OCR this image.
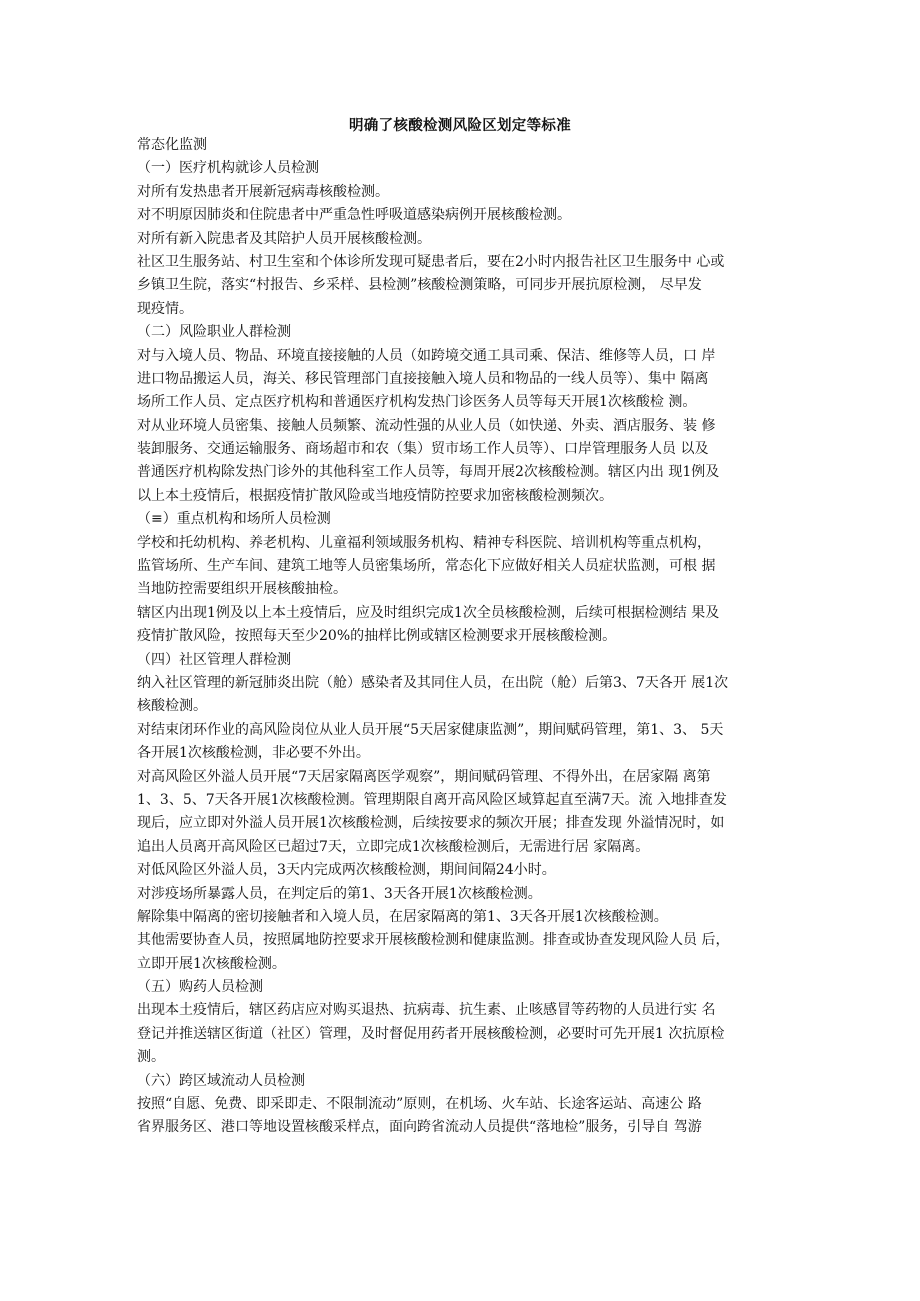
明确了核酸检测风险区划定等标准
常态化监测
（一）医疗机构就诊人员检测
对所有发热患者开展新冠病毒核酸检测。
对不明原因肺炎和住院患者中严重急性呼吸道感染病例开展核酸检测。
对所有新入院患者及其陪护人员开展核酸检测。
社区卫生服务站、村卫生室和个体诊所发现可疑患者后，要在2小时内报告社区卫生服务中 心或
乡镇卫生院，落实“村报告、乡采样、县检测”核酸检测策略，可同步开展抗原检测， 尽早发
现疫情。
（二）风险职业人群检测
对与入境人员、物品、环境直接接触的人员（如跨境交通工具司乘、保洁、维修等人员，口 岸
进口物品搬运人员，海关、移民管理部门直接接触入境人员和物品的一线人员等）、集中 隔离
场所工作人员、定点医疗机构和普通医疗机构发热门诊医务人员等每天开展1次核酸检 测。
对从业环境人员密集、接触人员频繁、流动性强的从业人员（如快递、外卖、酒店服务、装 修
装卸服务、交通运输服务、商场超市和农（集）贸市场工作人员等）、口岸管理服务人员 以及
普通医疗机构除发热门诊外的其他科室工作人员等，每周开展2次核酸检测。辖区内出 现1例及
以上本土疫情后，根据疫情扩散风险或当地疫情防控要求加密核酸检测频次。
（≡）重点机构和场所人员检测
学校和托幼机构、养老机构、儿童福利领域服务机构、精神专科医院、培训机构等重点机构，
监管场所、生产车间、建筑工地等人员密集场所，常态化下应做好相关人员症状监测，可根 据
当地防控需要组织开展核酸抽检。
辖区内出现1例及以上本土疫情后，应及时组织完成1次全员核酸检测，后续可根据检测结 果及
疫情扩散风险，按照每天至少20%的抽样比例或辖区检测要求开展核酸检测。
（四）社区管理人群检测
纳入社区管理的新冠肺炎出院（舱）感染者及其同住人员，在出院（舱）后第3、7天各开 展1次
核酸检测。
对结束闭环作业的高风险岗位从业人员开展“5天居家健康监测”，期间赋码管理，第1、3、 5天
各开展1次核酸检测，非必要不外出。
对高风险区外溢人员开展“7天居家隔离医学观察”，期间赋码管理、不得外出，在居家隔 离第
1、3、5、7天各开展1次核酸检测。管理期限自离开高风险区域算起直至满7天。流 入地排查发
现后，应立即对外溢人员开展1次核酸检测，后续按要求的频次开展；排查发现 外溢情况时，如
追出人员离开高风险区已超过7天，立即完成1次核酸检测后，无需进行居 家隔离。
对低风险区外溢人员，3天内完成两次核酸检测，期间间隔24小时。
对涉疫场所暴露人员，在判定后的第1、3天各开展1次核酸检测。
解除集中隔离的密切接触者和入境人员，在居家隔离的第1、3天各开展1次核酸检测。
其他需要协查人员，按照属地防控要求开展核酸检测和健康监测。排查或协查发现风险人员 后，
立即开展1次核酸检测。
（五）购药人员检测
出现本土疫情后，辖区药店应对购买退热、抗病毒、抗生素、止咳感冒等药物的人员进行实 名
登记并推送辖区街道（社区）管理，及时督促用药者开展核酸检测，必要时可先开展1 次抗原检
测。
（六）跨区域流动人员检测
按照“自愿、免费、即采即走、不限制流动”原则，在机场、火车站、长途客运站、高速公 路
省界服务区、港口等地设置核酸采样点，面向跨省流动人员提供“落地检”服务，引导自 驾游
